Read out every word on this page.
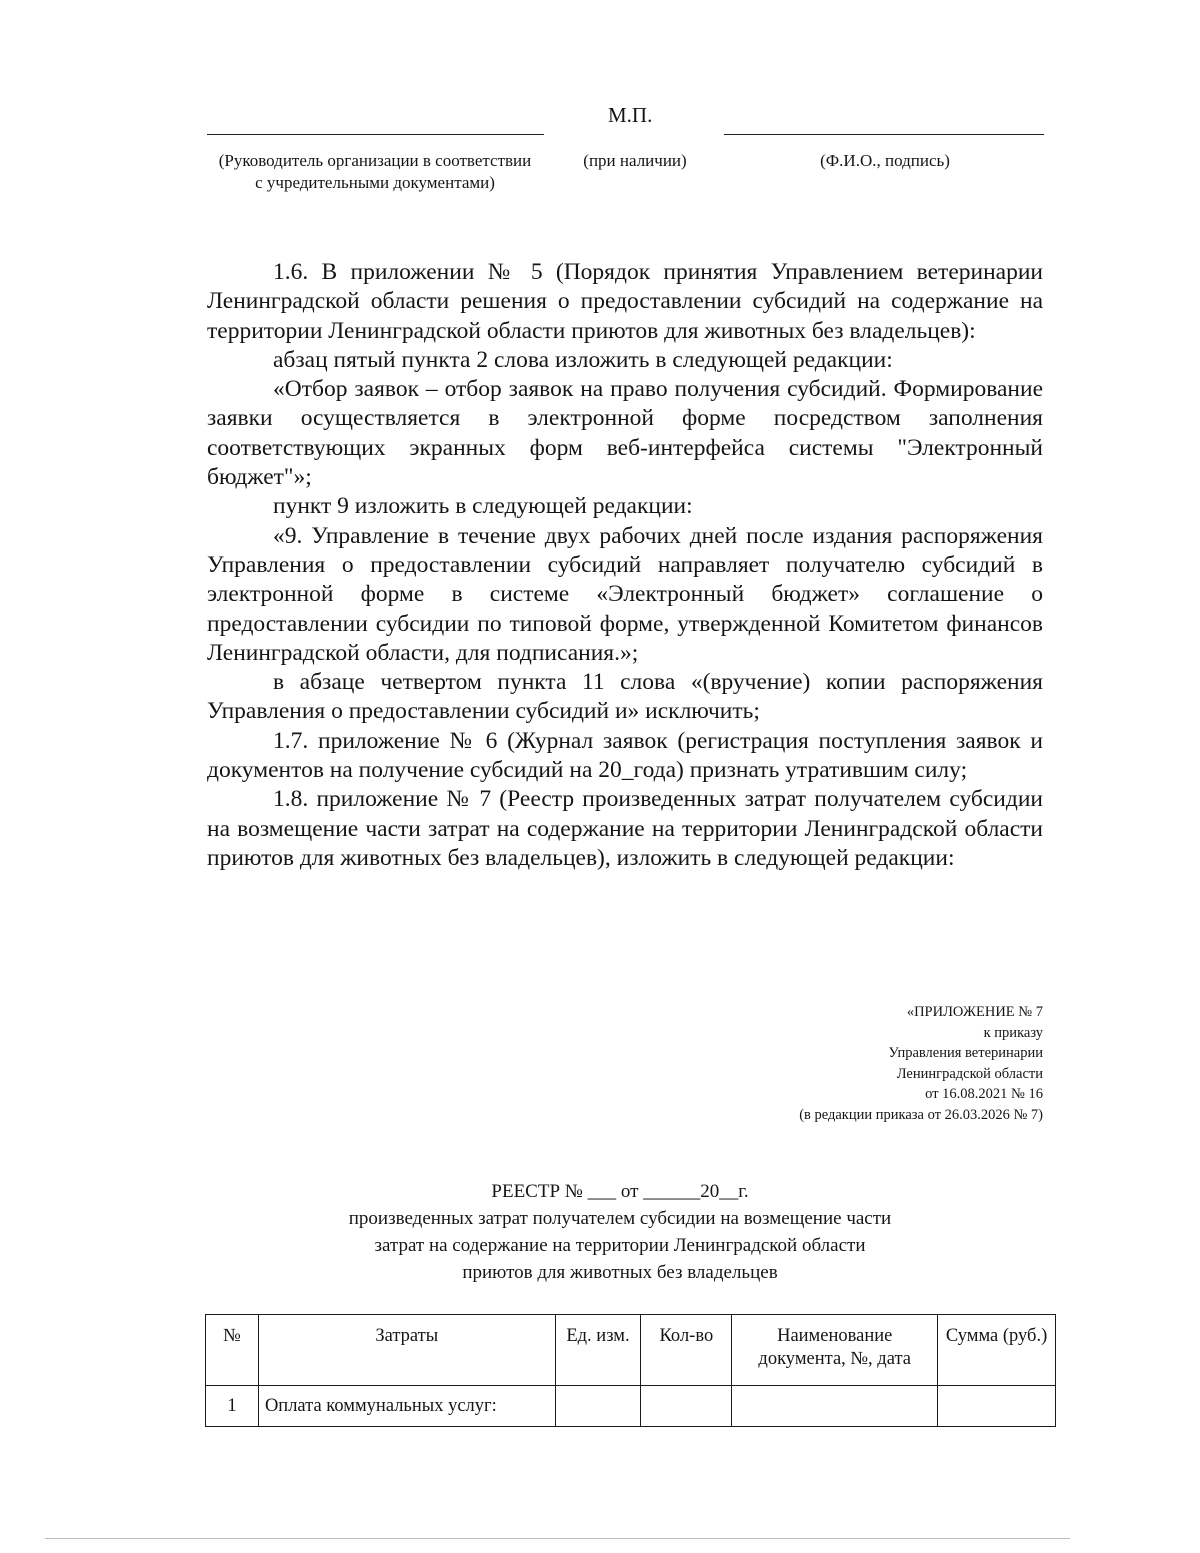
М.П.
(Руководитель организации в соответствии с учредительными документами)
(при наличии)	(Ф.И.О., подпись)

1.6. В приложении № 5 (Порядок принятия Управлением ветеринарии Ленинградской области решения о предоставлении субсидий на содержание на территории Ленинградской области приютов для животных без владельцев):

абзац пятый пункта 2 слова изложить в следующей редакции:

«Отбор заявок – отбор заявок на право получения субсидий. Формирование заявки осуществляется в электронной форме посредством заполнения соответствующих экранных форм веб-интерфейса системы "Электронный бюджет"»;

пункт 9 изложить в следующей редакции:

«9. Управление в течение двух рабочих дней после издания распоряжения Управления о предоставлении субсидий направляет получателю субсидий в электронной форме в системе «Электронный бюджет» соглашение о предоставлении субсидии по типовой форме, утвержденной Комитетом финансов Ленинградской области, для подписания.»;

в абзаце четвертом пункта 11 слова «(вручение) копии распоряжения Управления о предоставлении субсидий и» исключить;

1.7. приложение № 6 (Журнал заявок (регистрация поступления заявок и документов на получение субсидий на 20_года) признать утратившим силу;

1.8. приложение № 7 (Реестр произведенных затрат получателем субсидии на возмещение части затрат на содержание на территории Ленинградской области приютов для животных без владельцев), изложить в следующей редакции:

«ПРИЛОЖЕНИЕ № 7
к приказу
Управления ветеринарии
Ленинградской области
от 16.08.2021 № 16
(в редакции приказа от 26.03.2026 № 7)
РЕЕСТР № ___ от ______20__г.
произведенных затрат получателем субсидии на возмещение части
затрат на содержание на территории Ленинградской области
приютов для животных без владельцев
№	Затраты	Ед. изм.	Кол-во	Наименование документа, №, дата	Сумма (руб.)
1	Оплата коммунальных услуг:				
